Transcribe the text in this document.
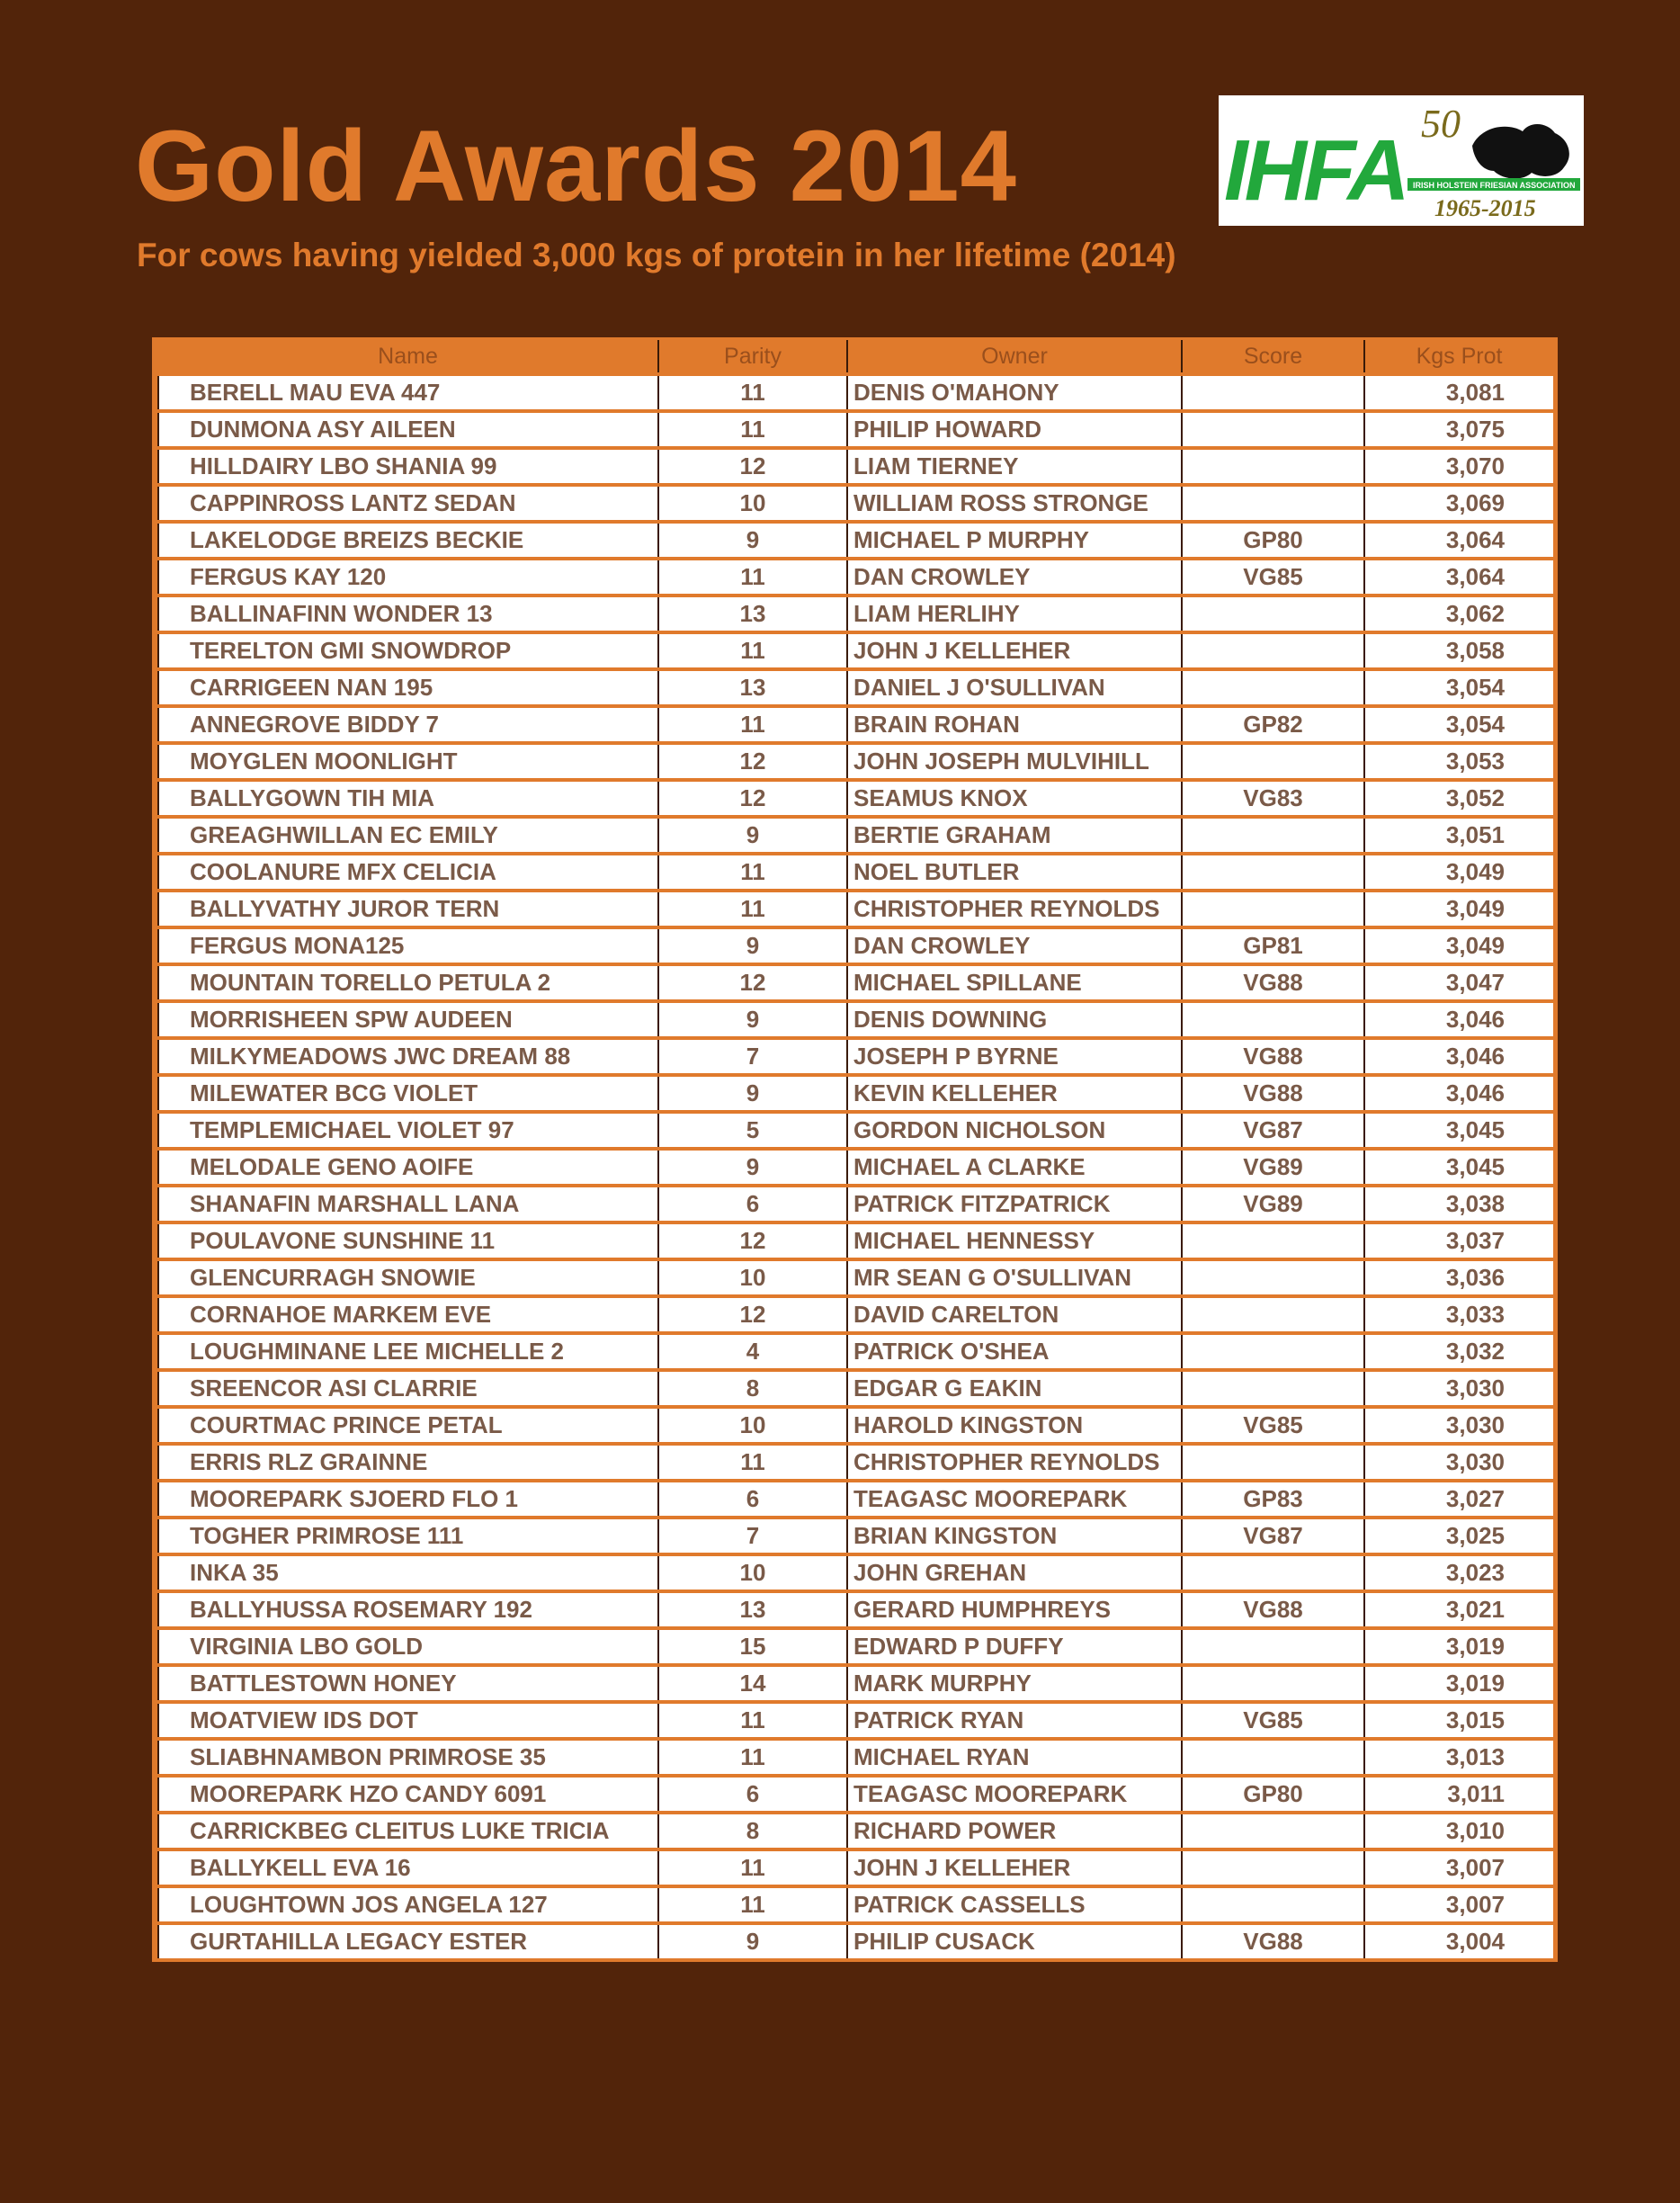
Gold Awards 2014
For cows having yielded 3,000 kgs of protein in her lifetime (2014)
IHFA 50
IRISH HOLSTEIN FRIESIAN ASSOCIATION
1965-2015
Name	Parity	Owner	Score	Kgs Prot
BERELL MAU EVA 447	11	DENIS O'MAHONY		3,081
DUNMONA ASY AILEEN	11	PHILIP HOWARD		3,075
HILLDAIRY LBO SHANIA 99	12	LIAM TIERNEY		3,070
CAPPINROSS LANTZ SEDAN	10	WILLIAM ROSS STRONGE		3,069
LAKELODGE BREIZS BECKIE	9	MICHAEL P MURPHY	GP80	3,064
FERGUS KAY 120	11	DAN CROWLEY	VG85	3,064
BALLINAFINN WONDER 13	13	LIAM HERLIHY		3,062
TERELTON GMI SNOWDROP	11	JOHN J KELLEHER		3,058
CARRIGEEN NAN 195	13	DANIEL J O'SULLIVAN		3,054
ANNEGROVE BIDDY 7	11	BRAIN ROHAN	GP82	3,054
MOYGLEN MOONLIGHT	12	JOHN JOSEPH MULVIHILL		3,053
BALLYGOWN TIH MIA	12	SEAMUS KNOX	VG83	3,052
GREAGHWILLAN EC EMILY	9	BERTIE GRAHAM		3,051
COOLANURE MFX CELICIA	11	NOEL BUTLER		3,049
BALLYVATHY JUROR TERN	11	CHRISTOPHER REYNOLDS		3,049
FERGUS MONA125	9	DAN CROWLEY	GP81	3,049
MOUNTAIN TORELLO PETULA 2	12	MICHAEL SPILLANE	VG88	3,047
MORRISHEEN SPW AUDEEN	9	DENIS DOWNING		3,046
MILKYMEADOWS JWC DREAM 88	7	JOSEPH P BYRNE	VG88	3,046
MILEWATER BCG VIOLET	9	KEVIN KELLEHER	VG88	3,046
TEMPLEMICHAEL VIOLET 97	5	GORDON NICHOLSON	VG87	3,045
MELODALE GENO AOIFE	9	MICHAEL A CLARKE	VG89	3,045
SHANAFIN MARSHALL LANA	6	PATRICK FITZPATRICK	VG89	3,038
POULAVONE SUNSHINE 11	12	MICHAEL HENNESSY		3,037
GLENCURRAGH SNOWIE	10	MR SEAN G O'SULLIVAN		3,036
CORNAHOE MARKEM EVE	12	DAVID CARELTON		3,033
LOUGHMINANE LEE MICHELLE 2	4	PATRICK O'SHEA		3,032
SREENCOR ASI CLARRIE	8	EDGAR G EAKIN		3,030
COURTMAC PRINCE PETAL	10	HAROLD KINGSTON	VG85	3,030
ERRIS RLZ GRAINNE	11	CHRISTOPHER REYNOLDS		3,030
MOOREPARK SJOERD FLO 1	6	TEAGASC MOOREPARK	GP83	3,027
TOGHER PRIMROSE 111	7	BRIAN KINGSTON	VG87	3,025
INKA 35	10	JOHN GREHAN		3,023
BALLYHUSSA ROSEMARY 192	13	GERARD HUMPHREYS	VG88	3,021
VIRGINIA LBO GOLD	15	EDWARD P DUFFY		3,019
BATTLESTOWN HONEY	14	MARK MURPHY		3,019
MOATVIEW IDS DOT	11	PATRICK RYAN	VG85	3,015
SLIABHNAMBON PRIMROSE 35	11	MICHAEL RYAN		3,013
MOOREPARK HZO CANDY 6091	6	TEAGASC MOOREPARK	GP80	3,011
CARRICKBEG CLEITUS LUKE TRICIA	8	RICHARD POWER		3,010
BALLYKELL EVA 16	11	JOHN J KELLEHER		3,007
LOUGHTOWN JOS ANGELA 127	11	PATRICK CASSELLS		3,007
GURTAHILLA LEGACY ESTER	9	PHILIP CUSACK	VG88	3,004
